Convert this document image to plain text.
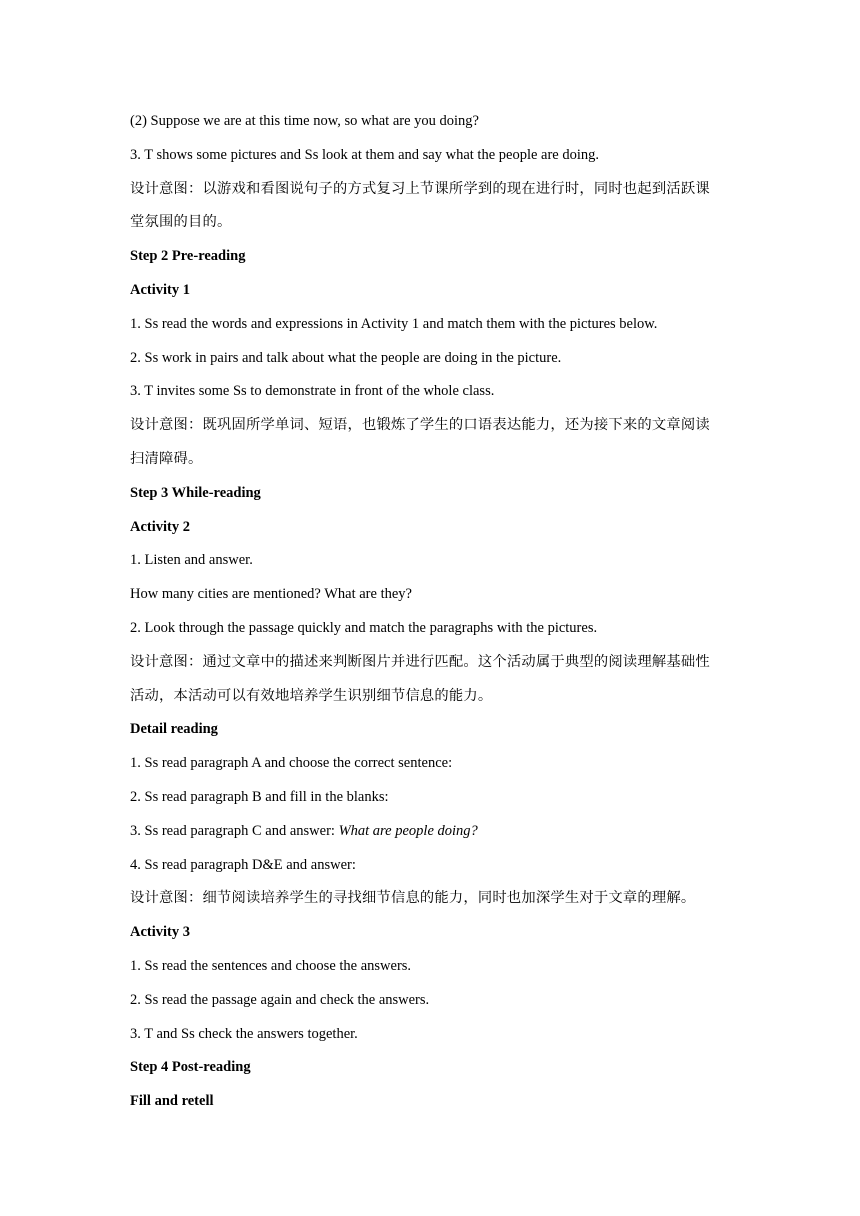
(2) Suppose we are at this time now, so what are you doing?
3. T shows some pictures and Ss look at them and say what the people are doing.
设计意图：以游戏和看图说句子的方式复习上节课所学到的现在进行时，同时也起到活跃课
堂氛围的目的。
Step 2 Pre-reading
Activity 1
1. Ss read the words and expressions in Activity 1 and match them with the pictures below.
2. Ss work in pairs and talk about what the people are doing in the picture.
3. T invites some Ss to demonstrate in front of the whole class.
设计意图：既巩固所学单词、短语，也锻炼了学生的口语表达能力，还为接下来的文章阅读
扫清障碍。
Step 3 While-reading
Activity 2
1. Listen and answer.
How many cities are mentioned? What are they?
2. Look through the passage quickly and match the paragraphs with the pictures.
设计意图：通过文章中的描述来判断图片并进行匹配。这个活动属于典型的阅读理解基础性
活动，本活动可以有效地培养学生识别细节信息的能力。
Detail reading
1. Ss read paragraph A and choose the correct sentence:
2. Ss read paragraph B and fill in the blanks:
3. Ss read paragraph C and answer: What are people doing?
4. Ss read paragraph D&E and answer:
设计意图：细节阅读培养学生的寻找细节信息的能力，同时也加深学生对于文章的理解。
Activity 3
1. Ss read the sentences and choose the answers.
2. Ss read the passage again and check the answers.
3. T and Ss check the answers together.
Step 4 Post-reading
Fill and retell
